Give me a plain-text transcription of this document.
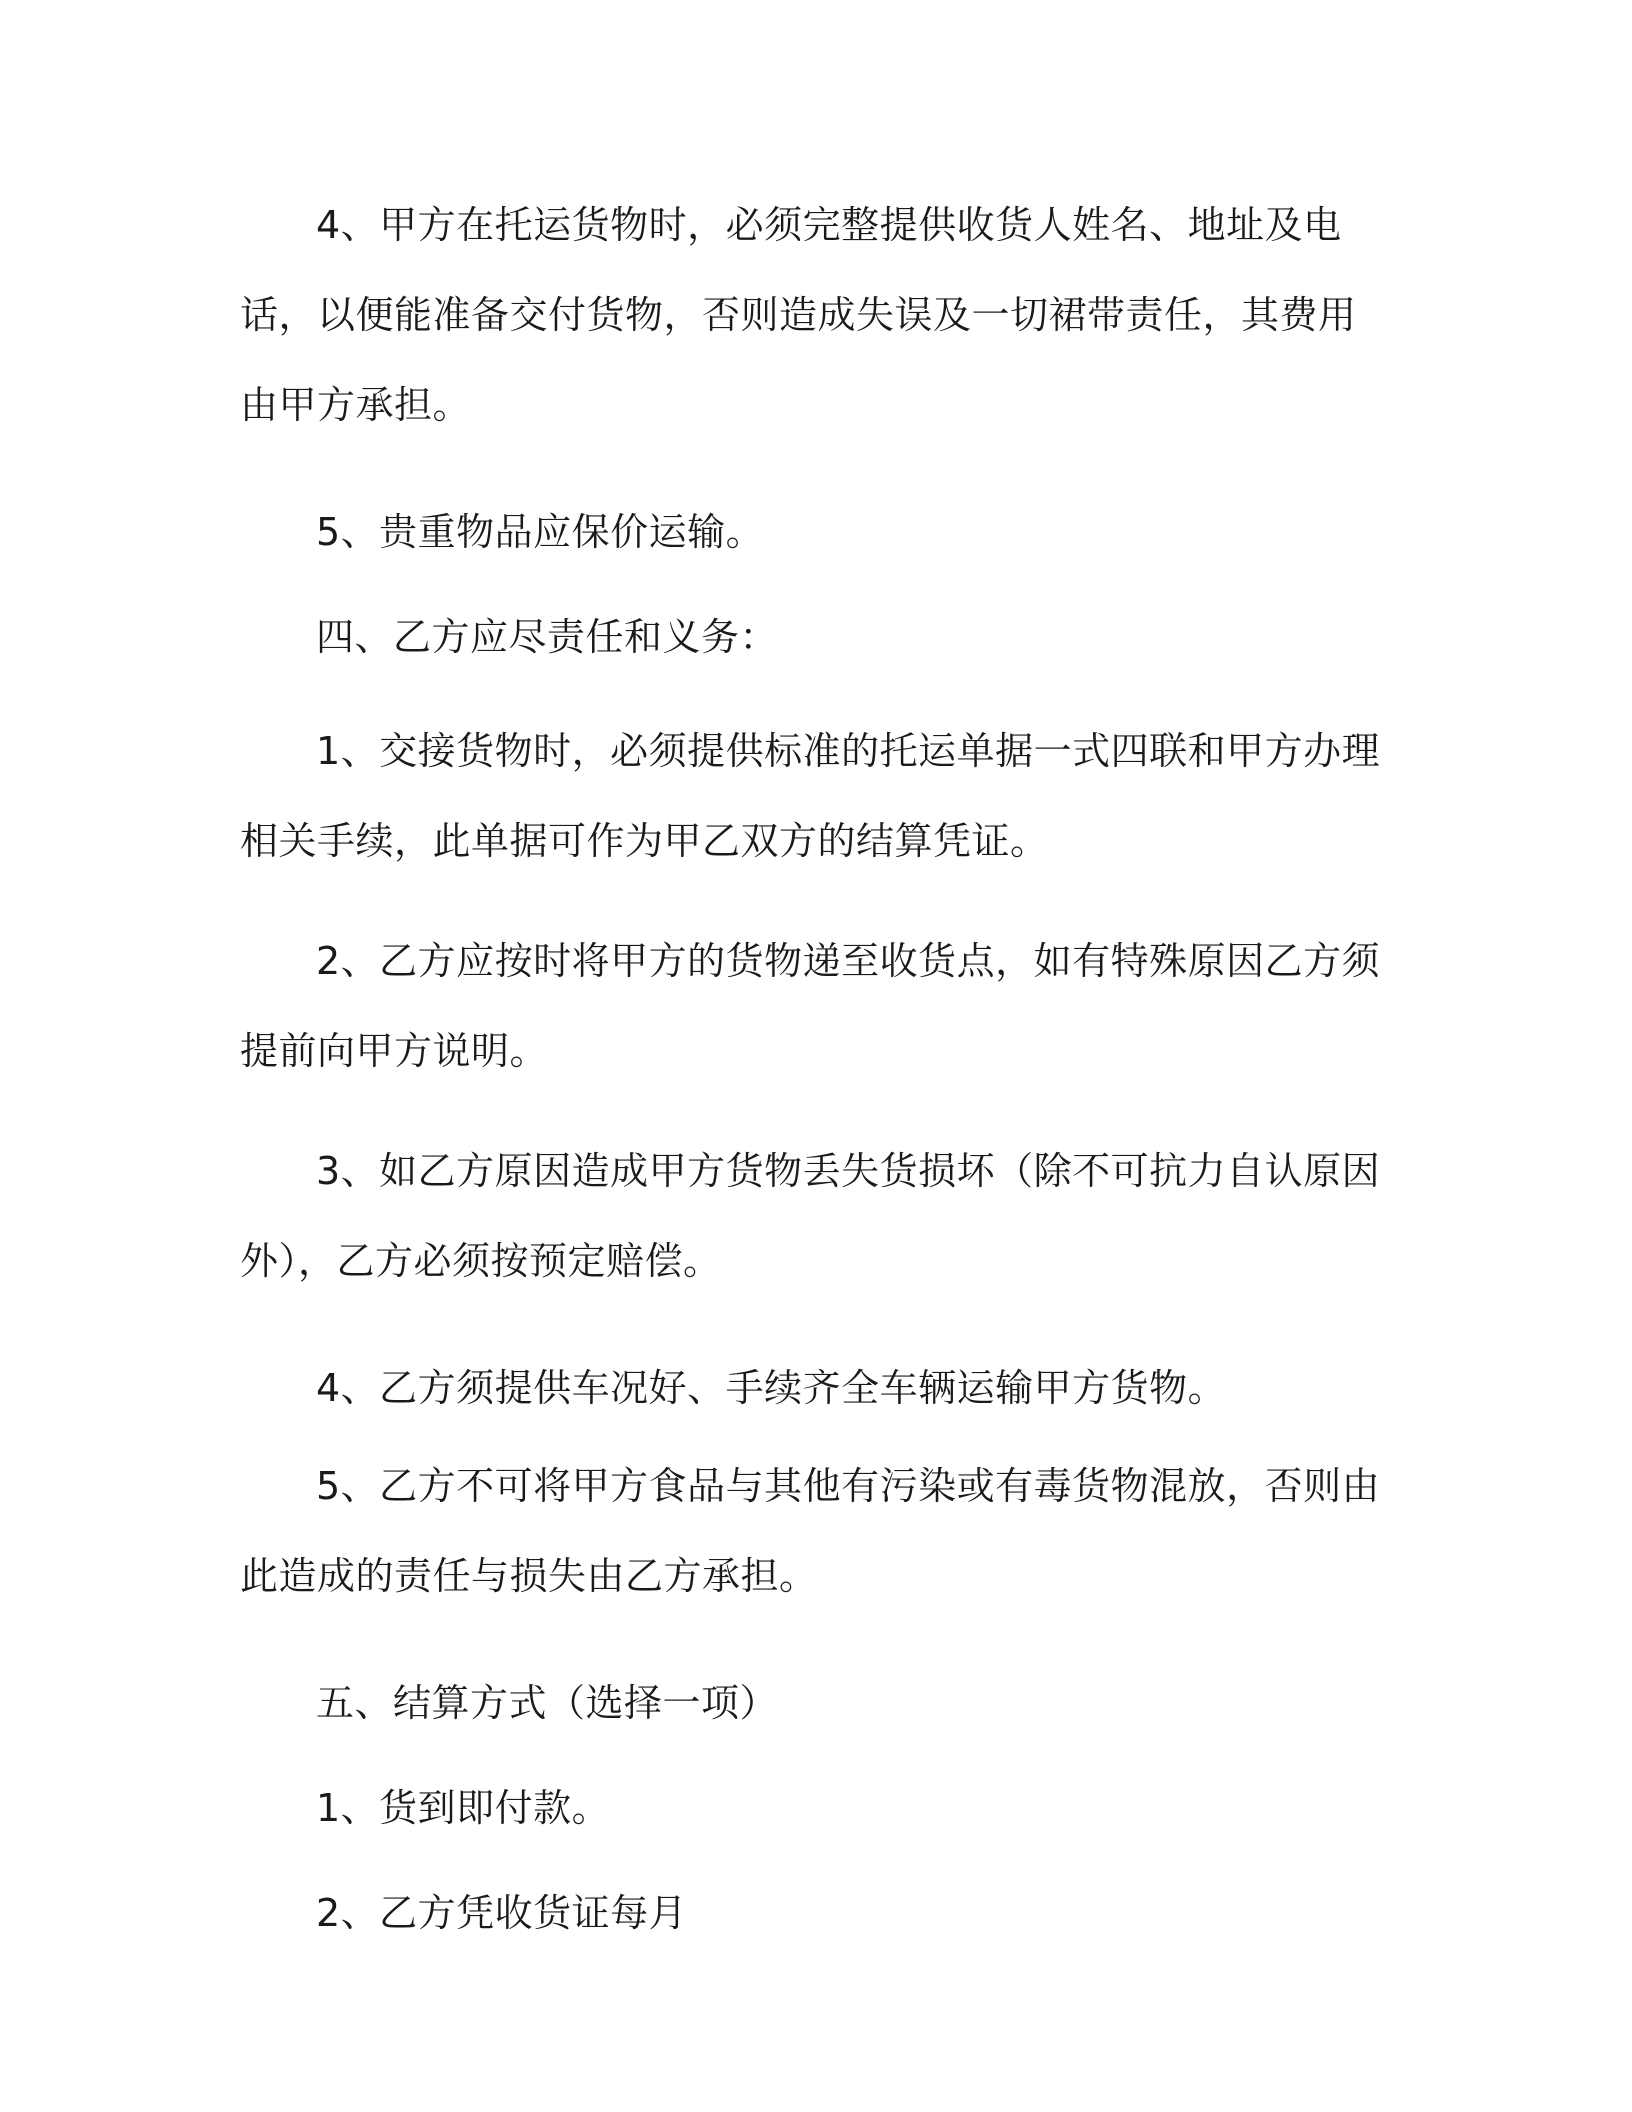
4、甲方在托运货物时，必须完整提供收货人姓名、地址及电话，以便能准备交付货物，否则造成失误及一切裙带责任，其费用由甲方承担。

5、贵重物品应保价运输。

四、乙方应尽责任和义务：

1、交接货物时，必须提供标准的托运单据一式四联和甲方办理相关手续，此单据可作为甲乙双方的结算凭证。

2、乙方应按时将甲方的货物递至收货点，如有特殊原因乙方须提前向甲方说明。

3、如乙方原因造成甲方货物丢失货损坏（除不可抗力自认原因外），乙方必须按预定赔偿。

4、乙方须提供车况好、手续齐全车辆运输甲方货物。

5、乙方不可将甲方食品与其他有污染或有毒货物混放，否则由此造成的责任与损失由乙方承担。

五、结算方式（选择一项）

1、货到即付款。

2、乙方凭收货证每月
